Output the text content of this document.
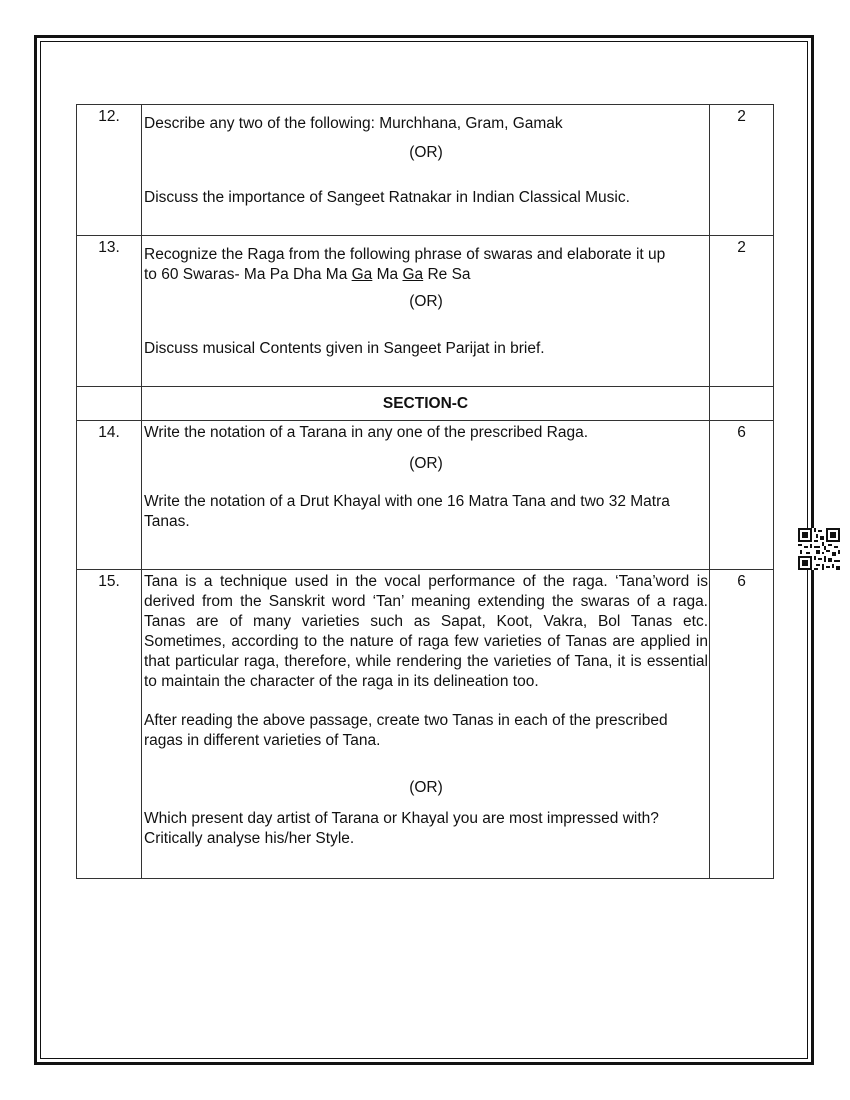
12.	Describe any two of the following: Murchhana, Gram, Gamak

(OR)

Discuss the importance of Sangeet Ratnakar in Indian Classical Music.	2
13.	Recognize the Raga from the following phrase of swaras and elaborate it up
to 60 Swaras- Ma Pa Dha Ma Ga Ma Ga Re Sa

(OR)

Discuss musical Contents given in Sangeet Parijat in brief.	2
	SECTION-C	
14.	Write the notation of a Tarana in any one of the prescribed Raga.

(OR)

Write the notation of a Drut Khayal with one 16 Matra Tana and two 32 Matra Tanas.	6
15.	Tana is a technique used in the vocal performance of the raga. ‘Tana’word is derived from the Sanskrit word ‘Tan’ meaning extending the swaras of a raga. Tanas are of many varieties such as Sapat, Koot, Vakra, Bol Tanas etc. Sometimes, according to the nature of raga few varieties of Tanas are applied in that particular raga, therefore, while rendering the varieties of Tana, it is essential to maintain the character of the raga in its delineation too.

After reading the above passage, create two Tanas in each of the prescribed ragas in different varieties of Tana.

(OR)

Which present day artist of Tarana or Khayal you are most impressed with? Critically analyse his/her Style.	6
